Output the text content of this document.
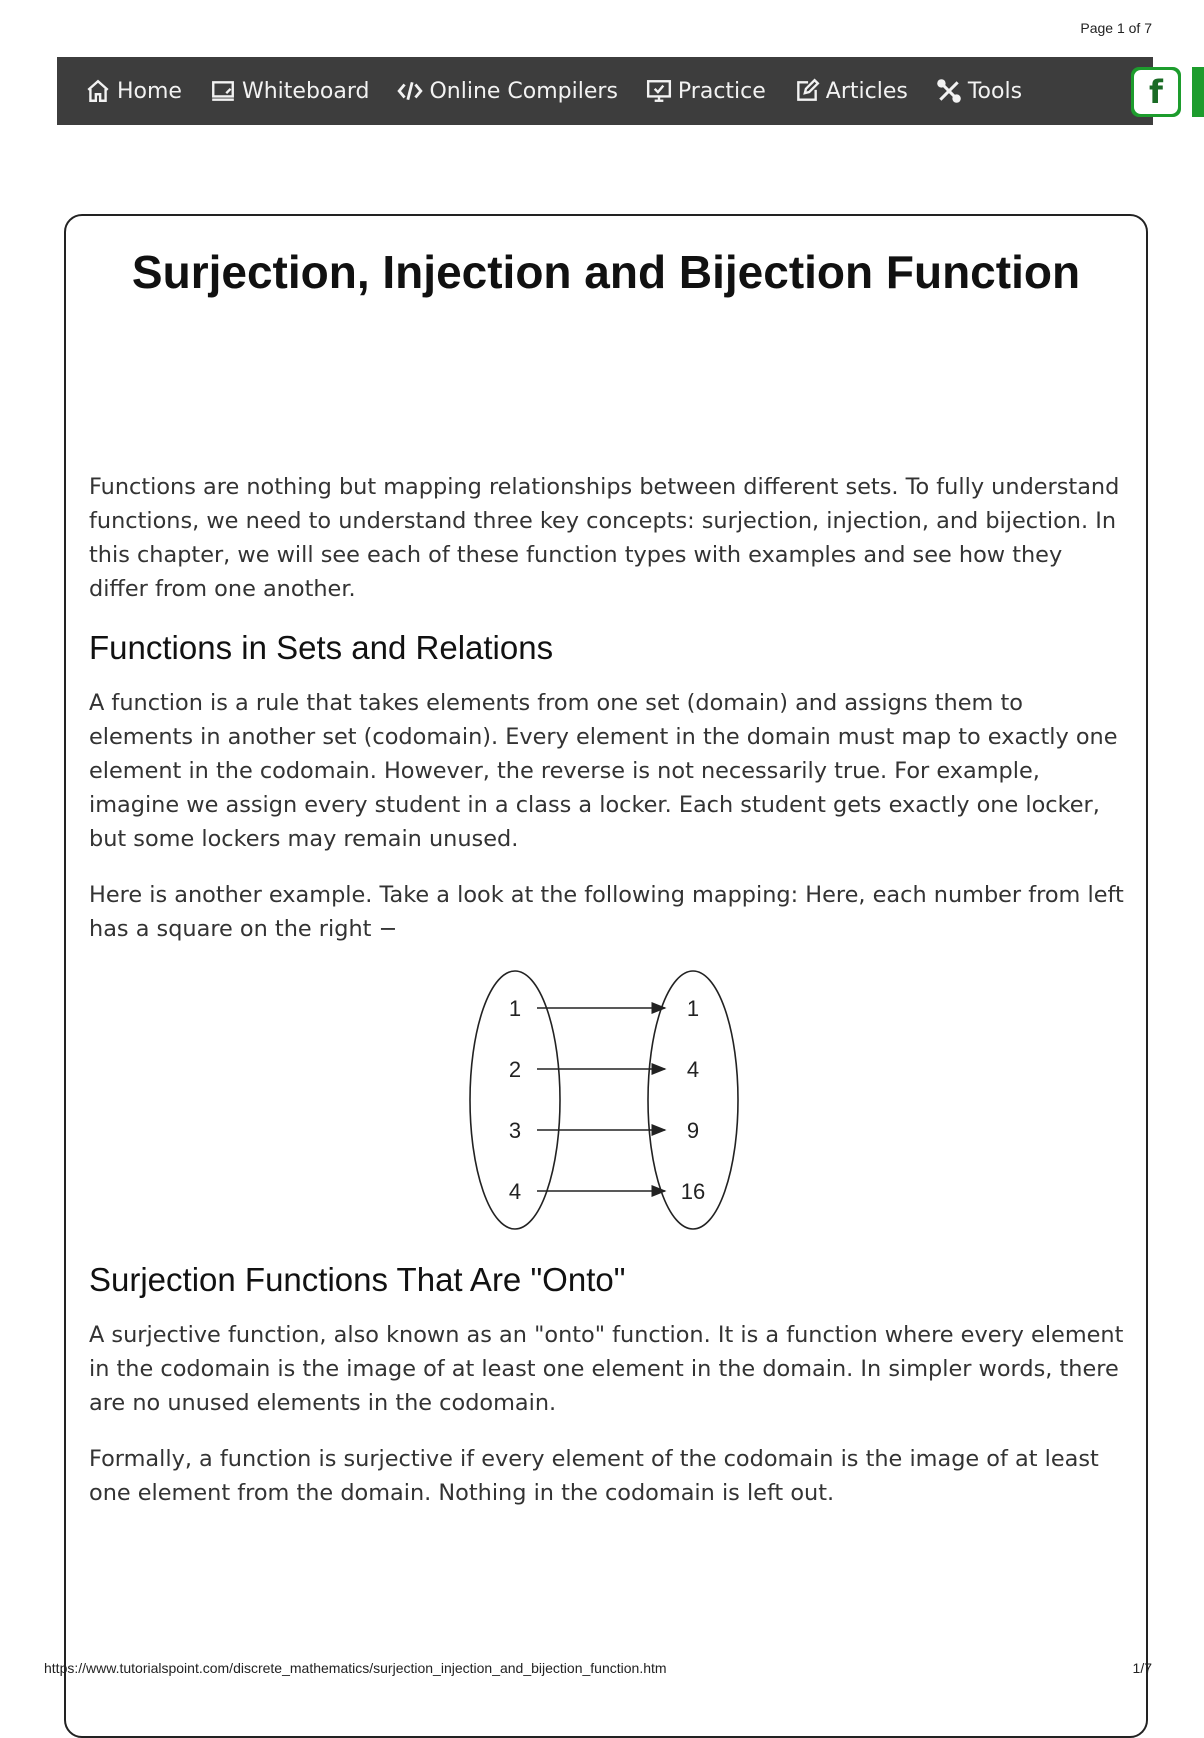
Page 1 of 7
Home	Whiteboard	Online Compilers	Practice	Articles	Tools	f
Surjection, Injection and Bijection Function

Functions are nothing but mapping relationships between different sets. To fully understand functions, we need to understand three key concepts: surjection, injection, and bijection. In this chapter, we will see each of these function types with examples and see how they differ from one another.

Functions in Sets and Relations

A function is a rule that takes elements from one set (domain) and assigns them to elements in another set (codomain). Every element in the domain must map to exactly one element in the codomain. However, the reverse is not necessarily true. For example, imagine we assign every student in a class a locker. Each student gets exactly one locker, but some lockers may remain unused.

Here is another example. Take a look at the following mapping: Here, each number from left has a square on the right −

1	1
2	4
3	9
4	16
Surjection Functions That Are "Onto"

A surjective function, also known as an "onto" function. It is a function where every element in the codomain is the image of at least one element in the domain. In simpler words, there are no unused elements in the codomain.

Formally, a function is surjective if every element of the codomain is the image of at least one element from the domain. Nothing in the codomain is left out.

https://www.tutorialspoint.com/discrete_mathematics/surjection_injection_and_bijection_function.htm	1/7
